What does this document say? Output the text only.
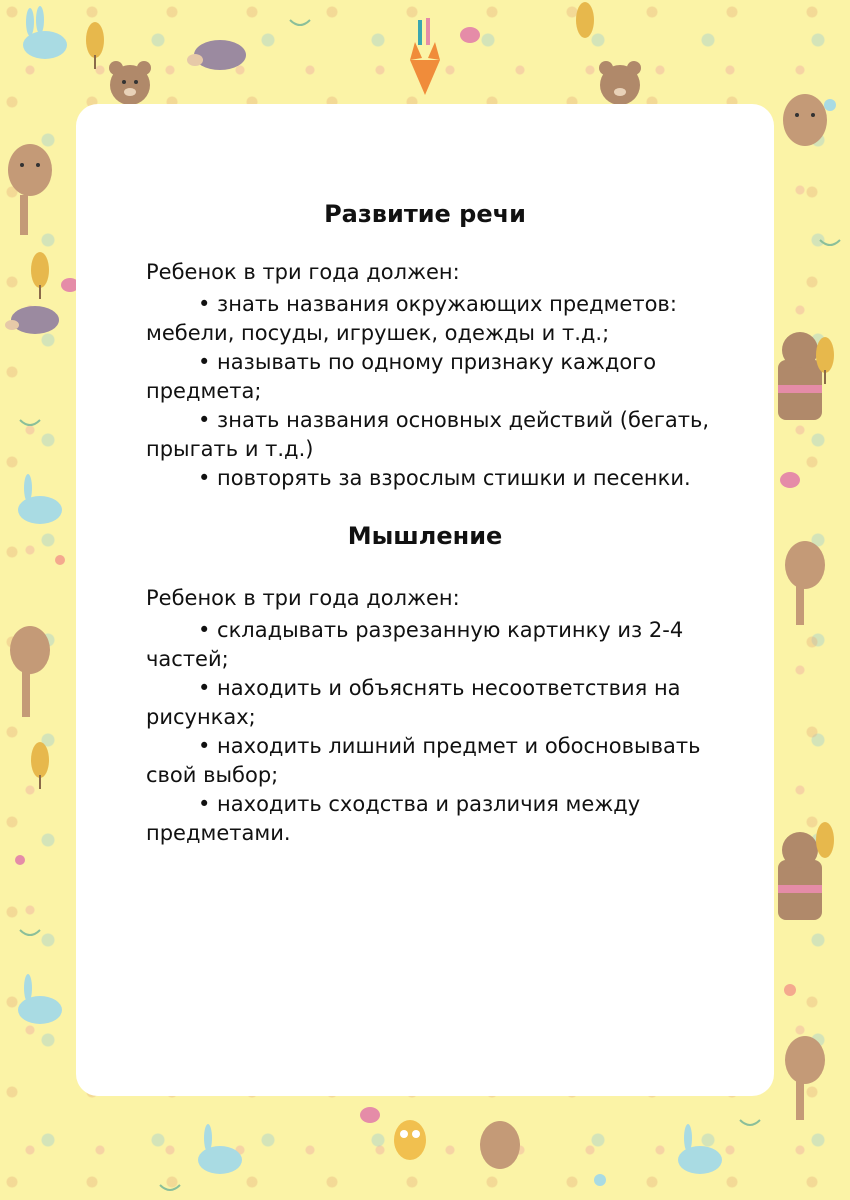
Развитие речи

Ребенок в три года должен:

• знать названия окружающих предметов: мебели, посуды, игрушек, одежды и т.д.;
• называть по одному признаку каждого предмета;
• знать названия основных действий (бегать, прыгать и т.д.)
• повторять за взрослым стишки и песенки.
Мышление

Ребенок в три года должен:

• складывать разрезанную картинку из 2-4 частей;
• находить и объяснять несоответствия на рисунках;
• находить лишний предмет и обосновывать свой выбор;
• находить сходства и различия между предметами.
